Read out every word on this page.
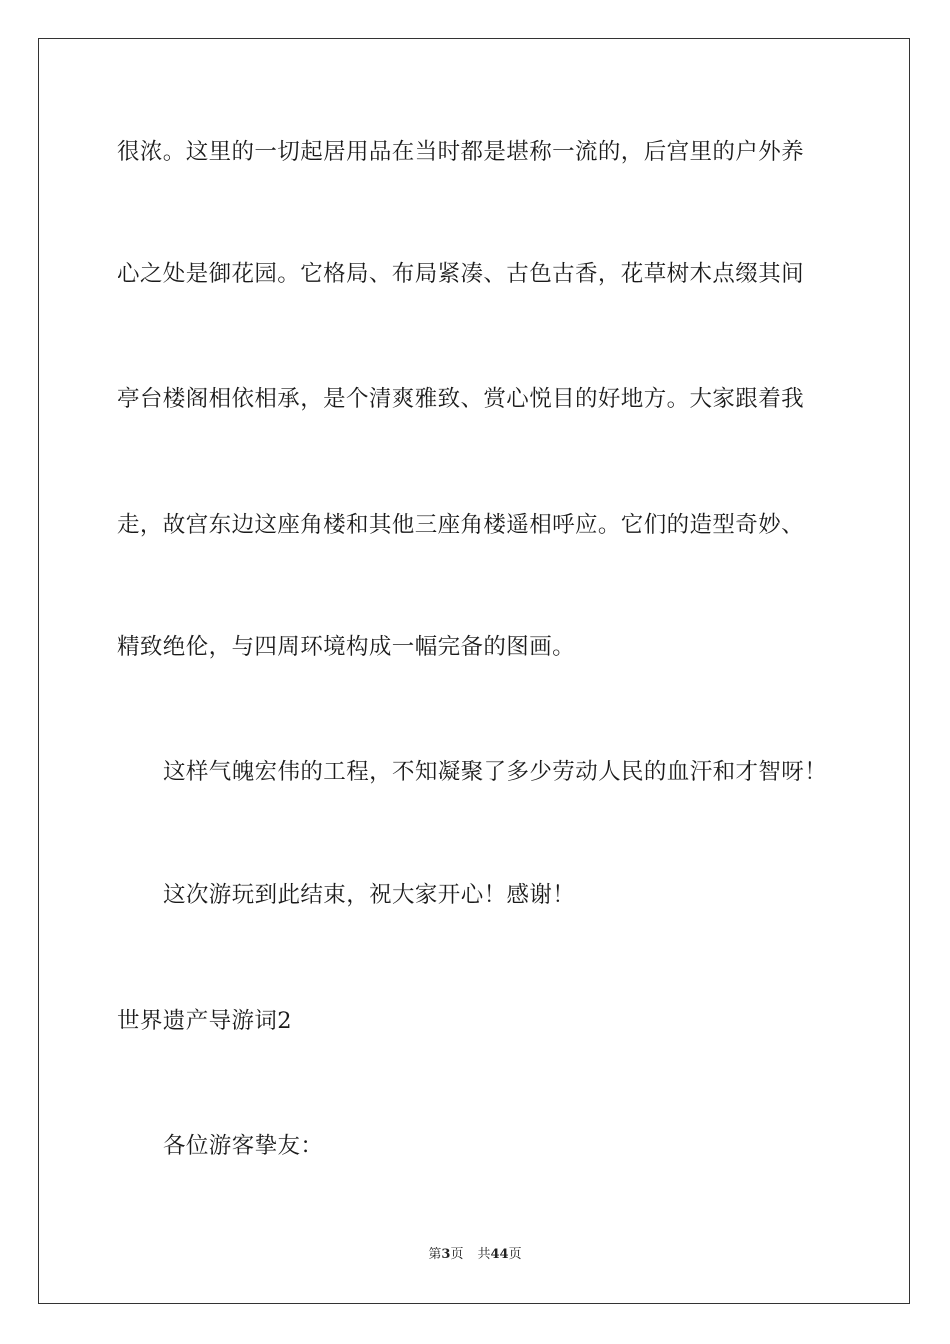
很浓。这里的一切起居用品在当时都是堪称一流的，后宫里的户外养
心之处是御花园。它格局、布局紧凑、古色古香，花草树木点缀其间
亭台楼阁相依相承，是个清爽雅致、赏心悦目的好地方。大家跟着我
走，故宫东边这座角楼和其他三座角楼遥相呼应。它们的造型奇妙、
精致绝伦，与四周环境构成一幅完备的图画。
这样气魄宏伟的工程，不知凝聚了多少劳动人民的血汗和才智呀！
这次游玩到此结束，祝大家开心！感谢！
世界遗产导游词2
各位游客挚友：
第3页 共44页
